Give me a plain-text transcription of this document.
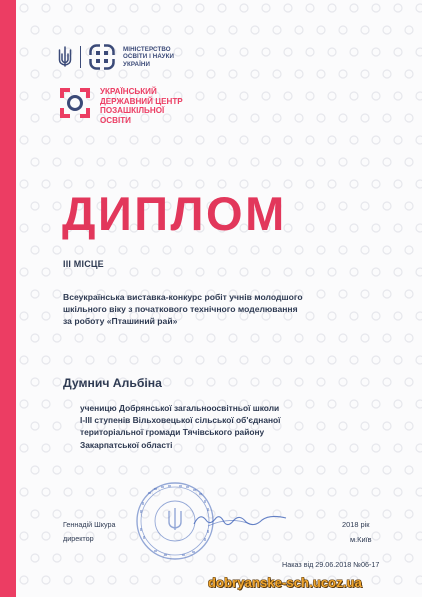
МІНІСТЕРСТВО
ОСВІТИ І НАУКИ
УКРАЇНИ
УКРАЇНСЬКИЙ
ДЕРЖАВНИЙ ЦЕНТР
ПОЗАШКІЛЬНОЇ
ОСВІТИ
ДИПЛОМ
ІІІ МІСЦЕ
Всеукраїнська виставка-конкурс робіт учнів молодшого
шкільного віку з початкового технічного моделювання
за роботу «Пташиний рай»
Думнич Альбіна
ученицю Добрянської загальноосвітньої школи
І-ІІІ ступенів Вільховецької сільської об'єднаної
територіальної громади Тячівського району
Закарпатської області
Геннадій Шкура
директор
2018 рік
м.Київ
Наказ від 29.06.2018 №06-17
dobryanske-sch.ucoz.ua
